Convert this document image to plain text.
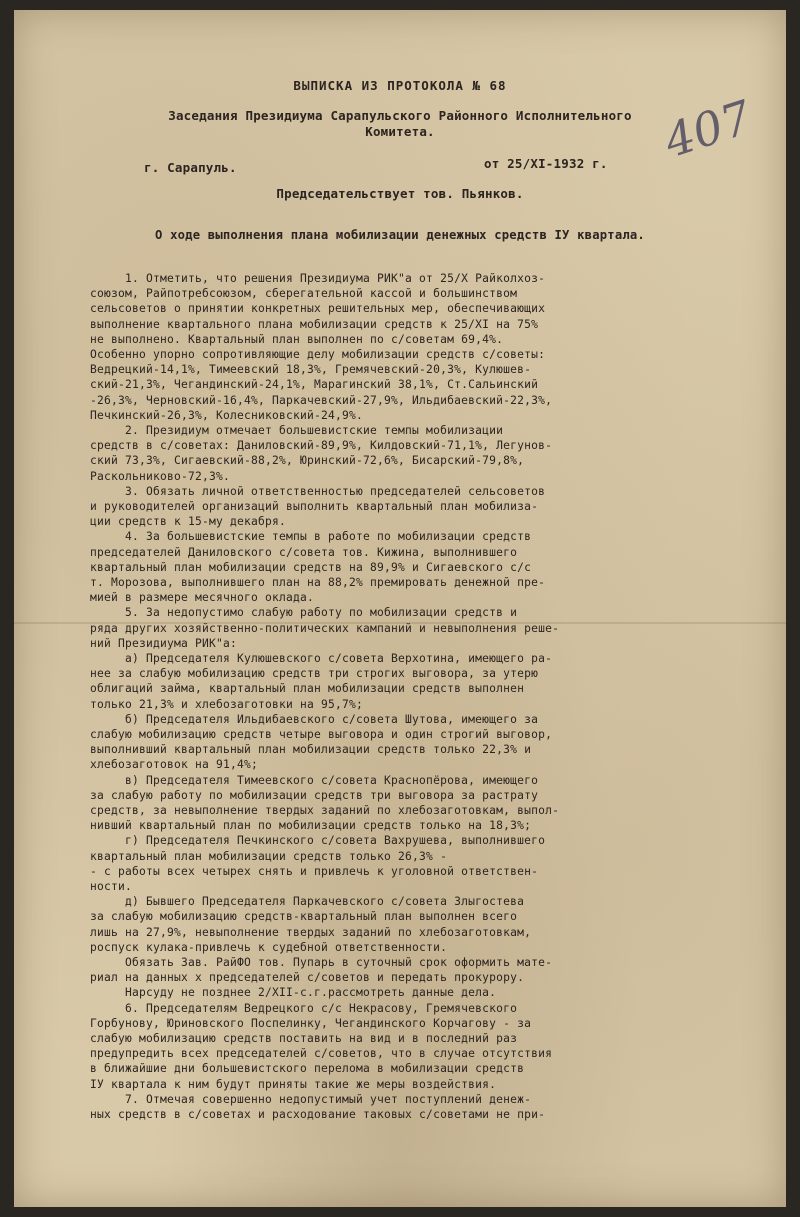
407
ВЫПИСКА ИЗ ПРОТОКОЛА № 68
Заседания Президиума Сарапульского Районного Исполнительного
Комитета.
г. Сарапуль.	от 25/XI-1932 г.
Председательствует тов. Пьянков.
О ходе выполнения плана мобилизации денежных средств IУ квартала.
1. Отметить, что решения Президиума РИК"а от 25/X Райколхоз-
союзом, Райпотребсоюзом, сберегательной кассой и большинством
сельсоветов о принятии конкретных решительных мер, обеспечивающих
выполнение квартального плана мобилизации средств к 25/XI на 75%
не выполнено. Квартальный план выполнен по с/советам 69,4%.
Особенно упорно сопротивляющие делу мобилизации средств с/советы:
Ведрецкий-14,1%, Тимеевский 18,3%, Гремячевский-20,3%, Кулюшев-
ский-21,3%, Чегандинский-24,1%, Марагинский 38,1%, Ст.Сальинский
-26,3%, Черновский-16,4%, Паркачевский-27,9%, Ильдибаевский-22,3%,
Печкинский-26,3%, Колесниковский-24,9%.
2. Президиум отмечает большевистские темпы мобилизации
средств в с/советах: Даниловский-89,9%, Килдовский-71,1%, Легунов-
ский 73,3%, Сигаевский-88,2%, Юринский-72,6%, Бисарский-79,8%,
Раскольниково-72,3%.
3. Обязать личной ответственностью председателей сельсоветов
и руководителей организаций выполнить квартальный план мобилиза-
ции средств к 15-му декабря.
4. За большевистские темпы в работе по мобилизации средств
председателей Даниловского с/совета тов. Кижина, выполнившего
квартальный план мобилизации средств на 89,9% и Сигаевского с/с
т. Морозова, выполнившего план на 88,2% премировать денежной пре-
мией в размере месячного оклада.
5. За недопустимо слабую работу по мобилизации средств и
ряда других хозяйственно-политических кампаний и невыполнения реше-
ний Президиума РИК"а:
а) Председателя Кулюшевского с/совета Верхотина, имеющего ра-
нее за слабую мобилизацию средств три строгих выговора, за утерю
облигаций займа, квартальный план мобилизации средств выполнен
только 21,3% и хлебозаготовки на 95,7%;
б) Председателя Ильдибаевского с/совета Шутова, имеющего за
слабую мобилизацию средств четыре выговора и один строгий выговор,
выполнивший квартальный план мобилизации средств только 22,3% и
хлебозаготовок на 91,4%;
в) Председателя Тимеевского с/совета Краснопёрова, имеющего
за слабую работу по мобилизации средств три выговора за растрату
средств, за невыполнение твердых заданий по хлебозаготовкам, выпол-
нивший квартальный план по мобилизации средств только на 18,3%;
г) Председателя Печкинского с/совета Вахрушева, выполнившего
квартальный план мобилизации средств только 26,3% -
- с работы всех четырех снять и привлечь к уголовной ответствен-
ности.
д) Бывшего Председателя Паркачевского с/совета Злыгостева
за слабую мобилизацию средств-квартальный план выполнен всего
лишь на 27,9%, невыполнение твердых заданий по хлебозаготовкам,
роспуск кулака-привлечь к судебной ответственности.
Обязать Зав. РайФО тов. Пупарь в суточный срок оформить мате-
риал на данных х председателей с/советов и передать прокурору.
Нарсуду не позднее 2/XII-с.г.рассмотреть данные дела.
6. Председателям Ведрецкого с/с Некрасову, Гремячевского
Горбунову, Юриновского Поспелинку, Чегандинского Корчагову - за
слабую мобилизацию средств поставить на вид и в последний раз
предупредить всех председателей с/советов, что в случае отсутствия
в ближайшие дни большевистского перелома в мобилизации средств
IУ квартала к ним будут приняты такие же меры воздействия.
7. Отмечая совершенно недопустимый учет поступлений денеж-
ных средств в с/советах и расходование таковых с/советами не при-
